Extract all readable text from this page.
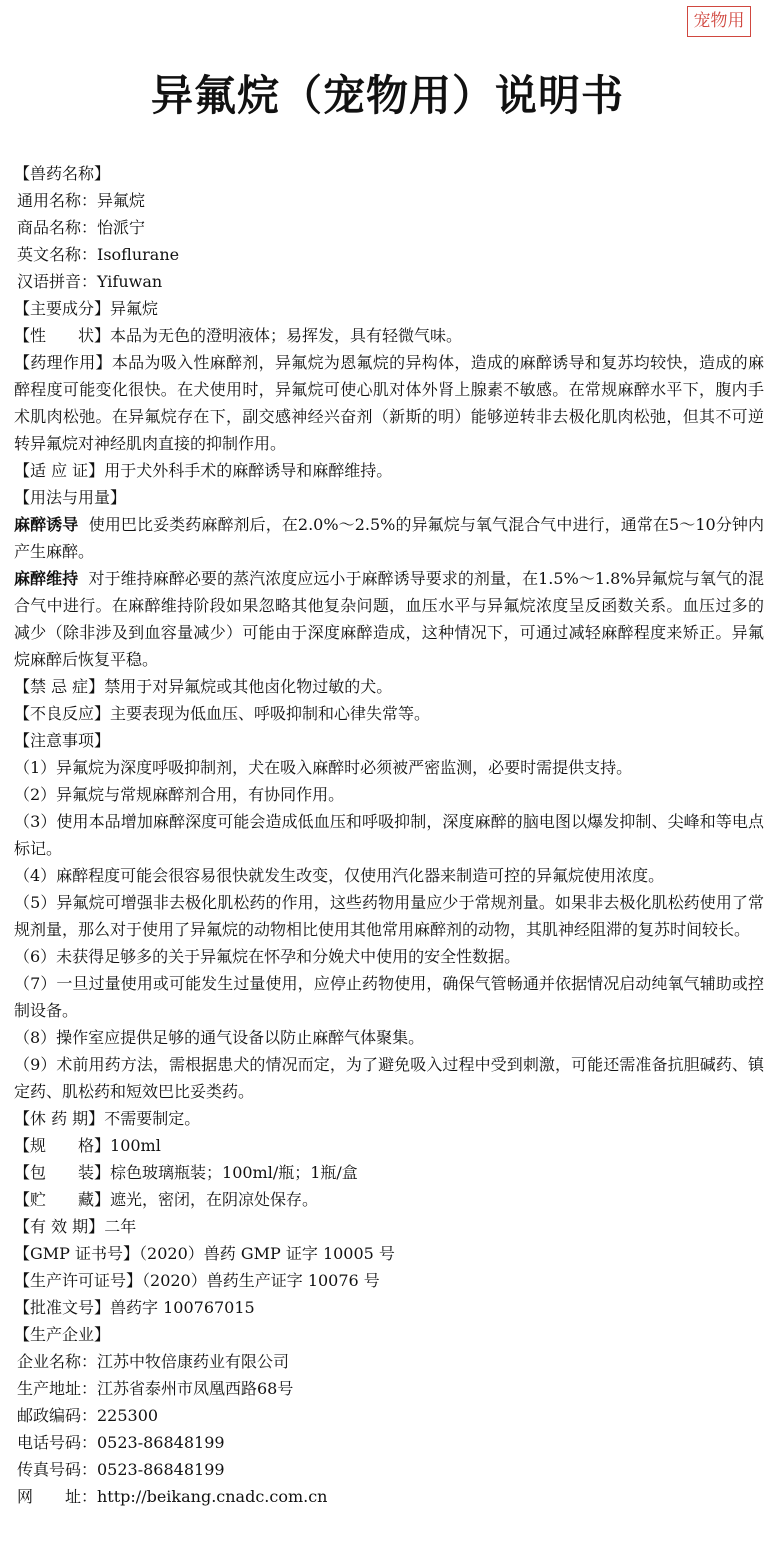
宠物用
异氟烷（宠物用）说明书
【兽药名称】
通用名称：异氟烷
商品名称：怡派宁
英文名称：Isoflurane
汉语拼音：Yifuwan
【主要成分】异氟烷
【性　　状】本品为无色的澄明液体；易挥发，具有轻微气味。
【药理作用】本品为吸入性麻醉剂，异氟烷为恩氟烷的异构体，造成的麻醉诱导和复苏均较快，造成的麻醉程度可能变化很快。在犬使用时，异氟烷可使心肌对体外肾上腺素不敏感。在常规麻醉水平下，腹内手术肌肉松弛。在异氟烷存在下，副交感神经兴奋剂（新斯的明）能够逆转非去极化肌肉松弛，但其不可逆转异氟烷对神经肌肉直接的抑制作用。
【适 应 证】用于犬外科手术的麻醉诱导和麻醉维持。
【用法与用量】
麻醉诱导 使用巴比妥类药麻醉剂后，在2.0%～2.5%的异氟烷与氧气混合气中进行，通常在5～10分钟内产生麻醉。
麻醉维持 对于维持麻醉必要的蒸汽浓度应远小于麻醉诱导要求的剂量，在1.5%～1.8%异氟烷与氧气的混合气中进行。在麻醉维持阶段如果忽略其他复杂问题，血压水平与异氟烷浓度呈反函数关系。血压过多的减少（除非涉及到血容量减少）可能由于深度麻醉造成，这种情况下，可通过减轻麻醉程度来矫正。异氟烷麻醉后恢复平稳。
【禁 忌 症】禁用于对异氟烷或其他卤化物过敏的犬。
【不良反应】主要表现为低血压、呼吸抑制和心律失常等。
【注意事项】
（1）异氟烷为深度呼吸抑制剂，犬在吸入麻醉时必须被严密监测，必要时需提供支持。
（2）异氟烷与常规麻醉剂合用，有协同作用。
（3）使用本品增加麻醉深度可能会造成低血压和呼吸抑制，深度麻醉的脑电图以爆发抑制、尖峰和等电点标记。
（4）麻醉程度可能会很容易很快就发生改变，仅使用汽化器来制造可控的异氟烷使用浓度。
（5）异氟烷可增强非去极化肌松药的作用，这些药物用量应少于常规剂量。如果非去极化肌松药使用了常规剂量，那么对于使用了异氟烷的动物相比使用其他常用麻醉剂的动物，其肌神经阻滞的复苏时间较长。
（6）未获得足够多的关于异氟烷在怀孕和分娩犬中使用的安全性数据。
（7）一旦过量使用或可能发生过量使用，应停止药物使用，确保气管畅通并依据情况启动纯氧气辅助或控制设备。
（8）操作室应提供足够的通气设备以防止麻醉气体聚集。
（9）术前用药方法，需根据患犬的情况而定，为了避免吸入过程中受到刺激，可能还需准备抗胆碱药、镇定药、肌松药和短效巴比妥类药。
【休 药 期】不需要制定。
【规　　格】100ml
【包　　装】棕色玻璃瓶装；100ml/瓶；1瓶/盒
【贮　　藏】遮光，密闭，在阴凉处保存。
【有 效 期】二年
【GMP 证书号】（2020）兽药 GMP 证字 10005 号
【生产许可证号】（2020）兽药生产证字 10076 号
【批准文号】兽药字 100767015
【生产企业】
企业名称：江苏中牧倍康药业有限公司
生产地址：江苏省泰州市凤凰西路68号
邮政编码：225300
电话号码：0523-86848199
传真号码：0523-86848199
网　　址：http://beikang.cnadc.com.cn
